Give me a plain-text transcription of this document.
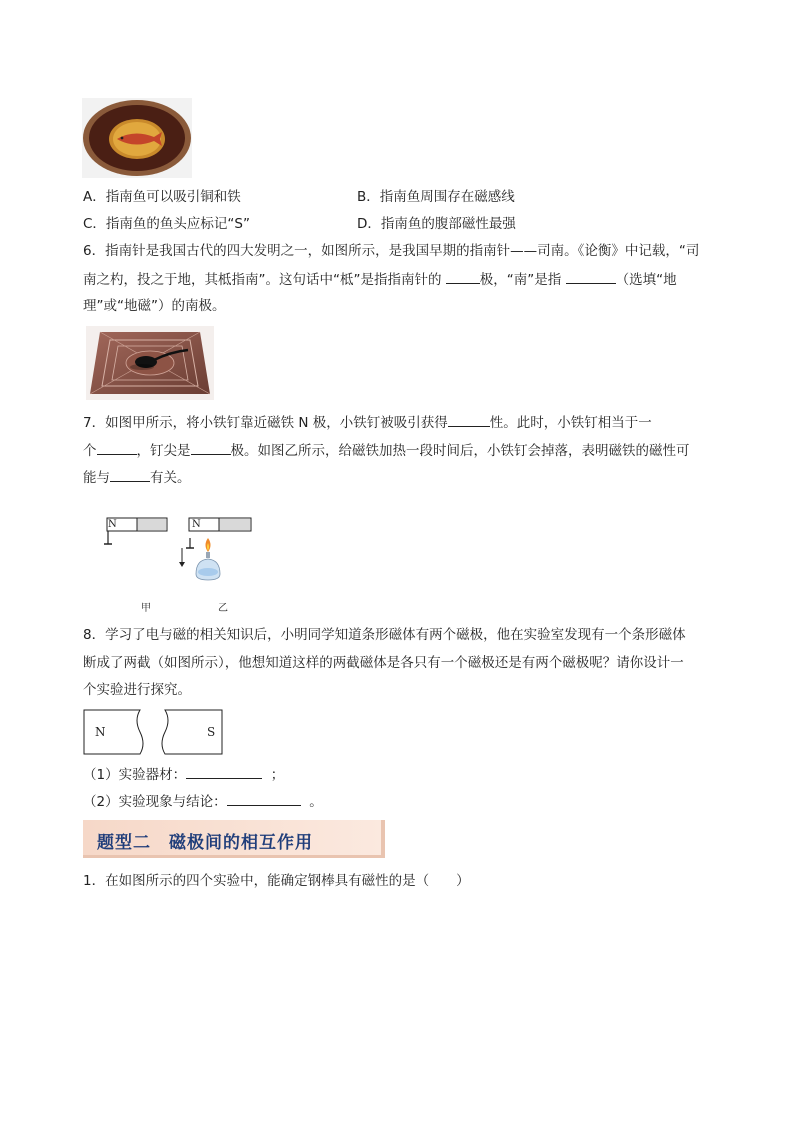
A．指南鱼可以吸引铜和铁	B．指南鱼周围存在磁感线
C．指南鱼的鱼头应标记“S”	D．指南鱼的腹部磁性最强
6．指南针是我国古代的四大发明之一，如图所示，是我国早期的指南针——司南。《论衡》中记载，“司
南之杓，投之于地，其柢指南”。这句话中“柢”是指指南针的	极，“南”是指	（选填“地
理”或“地磁”）的南极。
7．如图甲所示，将小铁钉靠近磁铁 N 极，小铁钉被吸引获得	性。此时，小铁钉相当于一
个	，钉尖是	极。如图乙所示，给磁铁加热一段时间后，小铁钉会掉落，表明磁铁的磁性可
能与	有关。
N	N
甲	乙
8．学习了电与磁的相关知识后，小明同学知道条形磁体有两个磁极，他在实验室发现有一个条形磁体
断成了两截（如图所示），他想知道这样的两截磁体是各只有一个磁极还是有两个磁极呢？请你设计一
个实验进行探究。
N	S
（1）实验器材：	；
（2）实验现象与结论：	。
题型二　磁极间的相互作用
1．在如图所示的四个实验中，能确定钢棒具有磁性的是（　　）
